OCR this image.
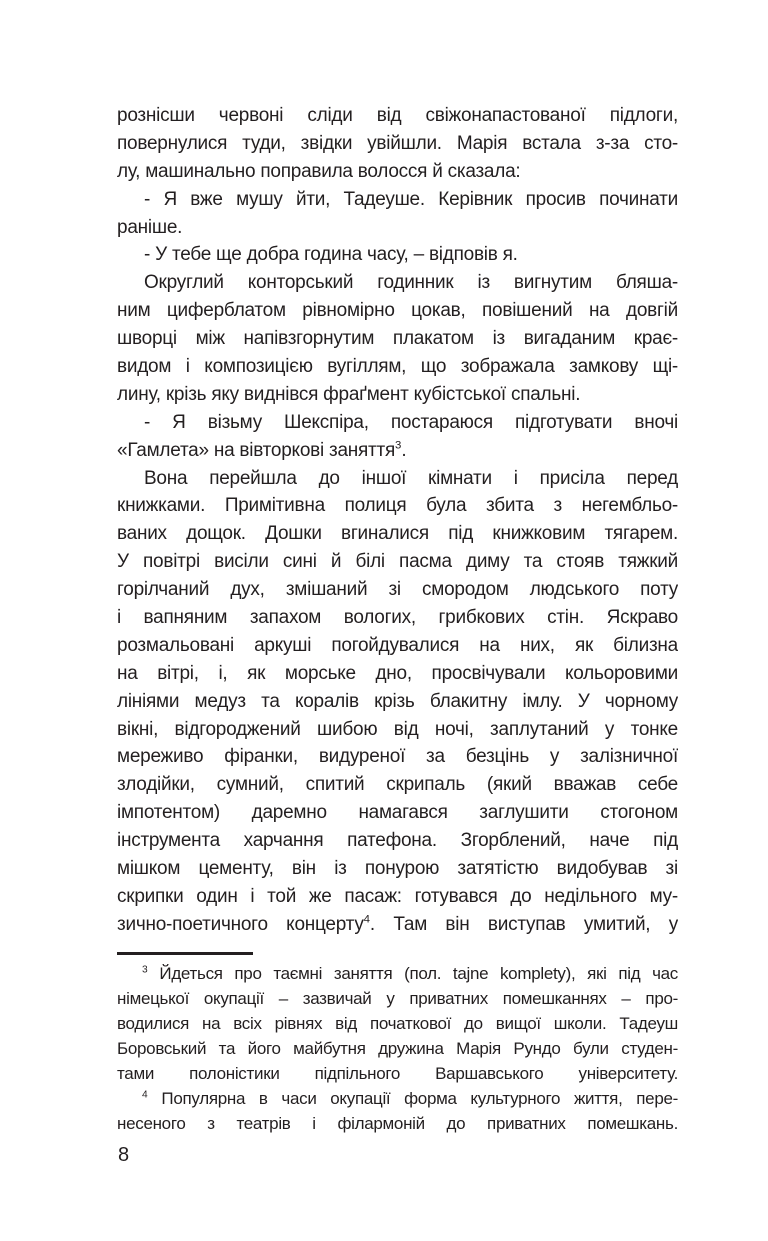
рознісши червоні сліди від свіжонапастованої підлоги,
повернулися туди, звідки увійшли. Марія встала з-за сто-
лу, машинально поправила волосся й сказала:
- Я вже мушу йти, Тадеуше. Керівник просив починати
раніше.
- У тебе ще добра година часу, – відповів я.
Округлий конторський годинник із вигнутим бляша-
ним циферблатом рівномірно цокав, повішений на довгій
шворці між напівзгорнутим плакатом із вигаданим крає-
видом і композицією вугіллям, що зображала замкову щі-
лину, крізь яку виднівся фраґмент кубістської спальні.
- Я візьму Шекспіра, постараюся підготувати вночі
«Гамлета» на вівторкові заняття$^3$.
Вона перейшла до іншої кімнати і присіла перед
книжками. Примітивна полиця була збита з негембльо-
ваних дощок. Дошки вгиналися під книжковим тягарем.
У повітрі висіли сині й білі пасма диму та стояв тяжкий
горілчаний дух, змішаний зі смородом людського поту
і вапняним запахом вологих, грибкових стін. Яскраво
розмальовані аркуші погойдувалися на них, як білизна
на вітрі, і, як морське дно, просвічували кольоровими
лініями медуз та коралів крізь блакитну імлу. У чорному
вікні, відгороджений шибою від ночі, заплутаний у тонке
мереживо фіранки, видуреної за безцінь у залізничної
злодійки, сумний, спитий скрипаль (який вважав себе
імпотентом) даремно намагався заглушити стогоном
інструмента харчання патефона. Згорблений, наче під
мішком цементу, він із понурою затятістю видобував зі
скрипки один і той же пасаж: готувався до недільного му-
зично-поетичного концерту$^4$. Там він виступав умитий, у
$^3$ Йдеться про таємні заняття (пол. tajne komplety), які під час
німецької окупації – зазвичай у приватних помешканнях – про-
водилися на всіх рівнях від початкової до вищої школи. Тадеуш
Боровський та його майбутня дружина Марія Рундо були студен-
тами полоністики підпільного Варшавського університету.
$^4$ Популярна в часи окупації форма культурного життя, пере-
несеного з театрів і філармоній до приватних помешкань.
8
